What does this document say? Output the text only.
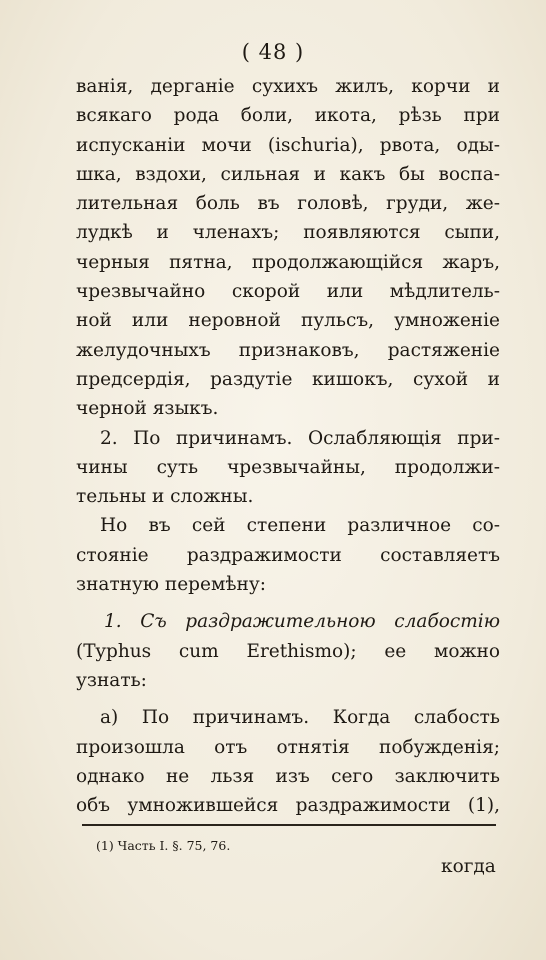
( 48 )
ванія, дерганіе сухихъ жилъ, корчи и
всякаго рода боли, икота, рѣзь при
испусканіи мочи (ischuria), рвота, оды-
шка, вздохи, сильная и какъ бы воспа-
лительная боль въ головѣ, груди, же-
лудкѣ и членахъ; появляются сыпи,
черныя пятна, продолжающійся жаръ,
чрезвычайно скорой или мѣдлитель-
ной или неровной пульсъ, умноженіе
желудочныхъ признаковъ, растяженіе
предсердія, раздутіе кишокъ, сухой и
черной языкъ.
2. По причинамъ. Ослабляющія при-
чины суть чрезвычайны, продолжи-
тельны и сложны.
Но въ сей степени различное со-
стояніе раздражимости составляетъ
знатную перемѣну:
1. Съ раздражительною слабостію
(Typhus cum Erethismo); ее можно
узнать:
а) По причинамъ. Когда слабость
произошла отъ отнятія побужденія;
однако не льзя изъ сего заключить
объ умножившейся раздражимости (1),
(1) Часть I. §. 75, 76.
когда
